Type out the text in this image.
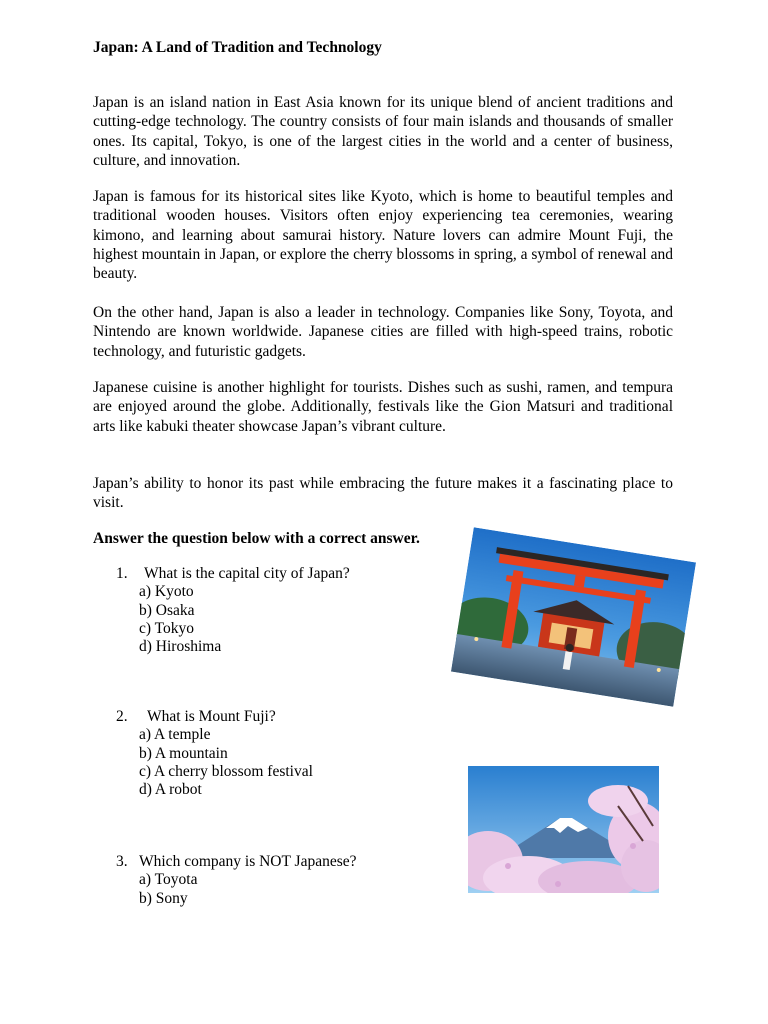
Japan: A Land of Tradition and Technology

Japan is an island nation in East Asia known for its unique blend of ancient traditions and cutting-edge technology. The country consists of four main islands and thousands of smaller ones. Its capital, Tokyo, is one of the largest cities in the world and a center of business, culture, and innovation.

Japan is famous for its historical sites like Kyoto, which is home to beautiful temples and traditional wooden houses. Visitors often enjoy experiencing tea ceremonies, wearing kimono, and learning about samurai history. Nature lovers can admire Mount Fuji, the highest mountain in Japan, or explore the cherry blossoms in spring, a symbol of renewal and beauty.

On the other hand, Japan is also a leader in technology. Companies like Sony, Toyota, and Nintendo are known worldwide. Japanese cities are filled with high-speed trains, robotic technology, and futuristic gadgets.

Japanese cuisine is another highlight for tourists. Dishes such as sushi, ramen, and tempura are enjoyed around the globe. Additionally, festivals like the Gion Matsuri and traditional arts like kabuki theater showcase Japan’s vibrant culture.

Japan’s ability to honor its past while embracing the future makes it a fascinating place to visit.

Answer the question below with a correct answer.

1.	What is the capital city of Japan?
a) Kyoto
b) Osaka
c) Tokyo
d) Hiroshima
2.	What is Mount Fuji?
a) A temple
b) A mountain
c) A cherry blossom festival
d) A robot
3. Which company is NOT Japanese?
a) Toyota
b) Sony
